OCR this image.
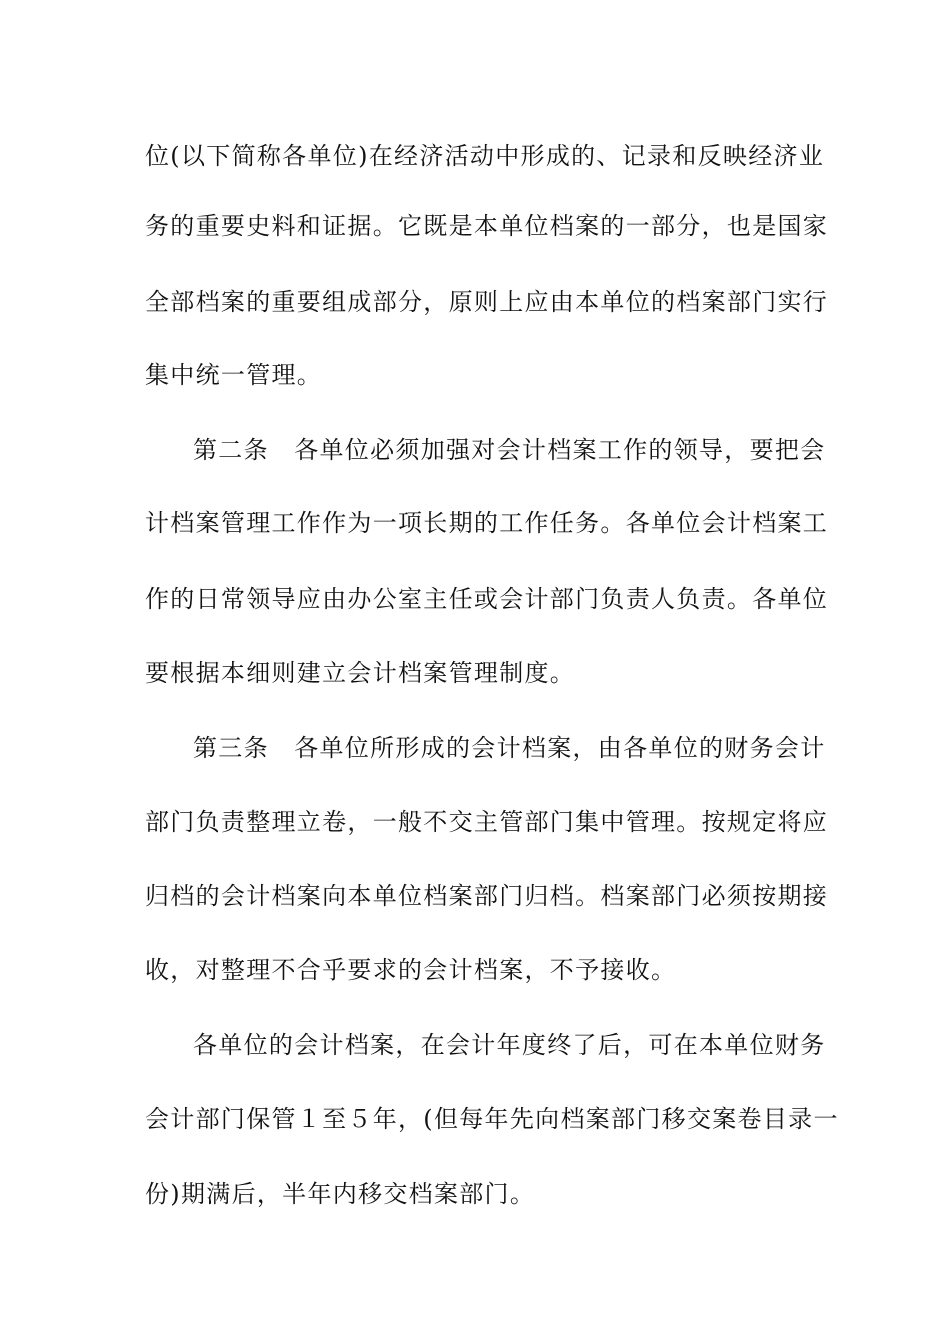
位(以下简称各单位)在经济活动中形成的、记录和反映经济业
务的重要史料和证据。它既是本单位档案的一部分，也是国家
全部档案的重要组成部分，原则上应由本单位的档案部门实行
集中统一管理。
第二条　各单位必须加强对会计档案工作的领导，要把会
计档案管理工作作为一项长期的工作任务。各单位会计档案工
作的日常领导应由办公室主任或会计部门负责人负责。各单位
要根据本细则建立会计档案管理制度。
第三条　各单位所形成的会计档案，由各单位的财务会计
部门负责整理立卷，一般不交主管部门集中管理。按规定将应
归档的会计档案向本单位档案部门归档。档案部门必须按期接
收，对整理不合乎要求的会计档案，不予接收。
各单位的会计档案，在会计年度终了后，可在本单位财务
会计部门保管１至５年，(但每年先向档案部门移交案卷目录一
份)期满后，半年内移交档案部门。
